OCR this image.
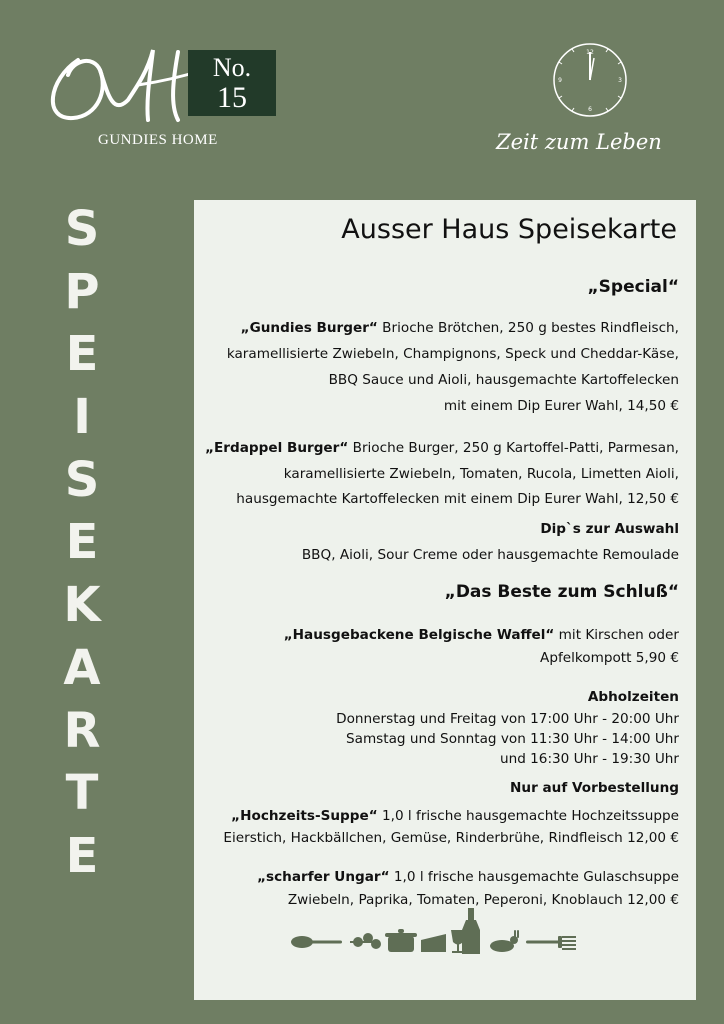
No.
15
GUNDIES HOME
12
3
6
9
Zeit zum Leben
S
P
E
I
S
E
K
A
R
T
E
Ausser Haus Speisekarte
„Special“
„Gundies Burger“ Brioche Brötchen, 250 g bestes Rindfleisch,
karamellisierte Zwiebeln, Champignons, Speck und Cheddar-Käse,
BBQ Sauce und Aioli, hausgemachte Kartoffelecken
mit einem Dip Eurer Wahl, 14,50 €
„Erdappel Burger“ Brioche Burger, 250 g Kartoffel-Patti, Parmesan,
karamellisierte Zwiebeln, Tomaten, Rucola, Limetten Aioli,
hausgemachte Kartoffelecken mit einem Dip Eurer Wahl, 12,50 €
Dip`s zur Auswahl
BBQ, Aioli, Sour Creme oder hausgemachte Remoulade
„Das Beste zum Schluß“
„Hausgebackene Belgische Waffel“ mit Kirschen oder
Apfelkompott 5,90 €
Abholzeiten
Donnerstag und Freitag von 17:00 Uhr - 20:00 Uhr
Samstag und Sonntag von 11:30 Uhr - 14:00 Uhr
und 16:30 Uhr - 19:30 Uhr
Nur auf Vorbestellung
„Hochzeits-Suppe“ 1,0 l frische hausgemachte Hochzeitssuppe
Eierstich, Hackbällchen, Gemüse, Rinderbrühe, Rindfleisch 12,00 €
„scharfer Ungar“ 1,0 l frische hausgemachte Gulaschsuppe
Zwiebeln, Paprika, Tomaten, Peperoni, Knoblauch 12,00 €
